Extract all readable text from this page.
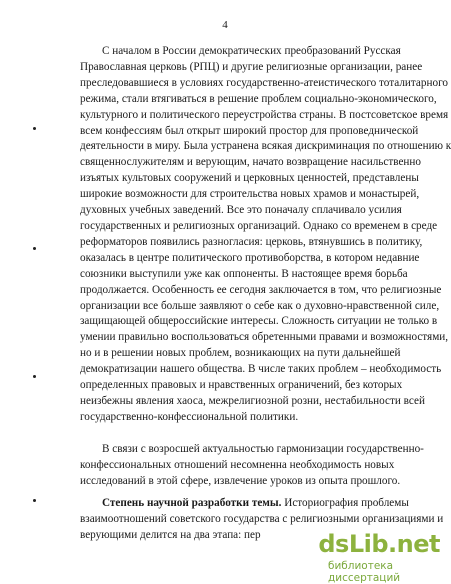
4
С началом в России демократических преобразований Русская
Православная церковь (РПЦ) и другие религиозные организации, ранее
преследовавшиеся в условиях государственно-атеистического тоталитарного
режима, стали втягиваться в решение проблем социально-экономического,
культурного и политического переустройства страны. В постсоветское время
всем конфессиям был открыт широкий простор для проповеднической
деятельности в миру. Была устранена всякая дискриминация по отношению к
священнослужителям и верующим, начато возвращение насильственно
изъятых культовых сооружений и церковных ценностей, представлены
широкие возможности для строительства новых храмов и монастырей,
духовных учебных заведений. Все это поначалу сплачивало усилия
государственных и религиозных организаций. Однако со временем в среде
реформаторов появились разногласия: церковь, втянувшись в политику,
оказалась в центре политического противоборства, в котором недавние
союзники выступили уже как оппоненты. В настоящее время борьба
продолжается. Особенность ее сегодня заключается в том, что религиозные
организации все больше заявляют о себе как о духовно-нравственной силе,
защищающей общероссийские интересы. Сложность ситуации не только в
умении правильно воспользоваться обретенными правами и возможностями,
но и в решении новых проблем, возникающих на пути дальнейшей
демократизации нашего общества. В числе таких проблем – необходимость
определенных правовых и нравственных ограничений, без которых
неизбежны явления хаоса, межрелигиозной розни, нестабильности всей
государственно-конфессиональной политики.
В связи с возросшей актуальностью гармонизации государственно-
конфессиональных отношений несомненна необходимость новых
исследований в этой сфере, извлечение уроков из опыта прошлого.
Степень научной разработки темы. Историография проблемы
взаимоотношений советского государства с религиозными организациями и
верующими делится на два этапа: пер	dsLib.net
библиотека диссертаций
